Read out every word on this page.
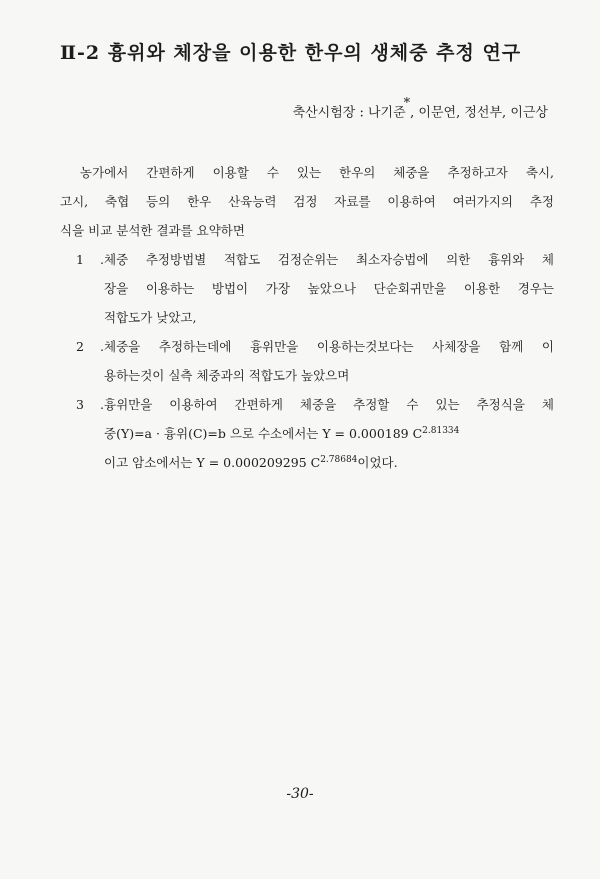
Ⅱ-2 흉위와 체장을 이용한 한우의 생체중 추정 연구
축산시험장 : 나기준*, 이문연, 정선부, 이근상
농가에서 간편하게 이용할 수 있는 한우의 체중을 추정하고자 축시,
고시, 축협 등의 한우 산육능력 검정 자료를 이용하여 여러가지의 추정
식을 비교 분석한 결과를 요약하면
1 .체중 추정방법별 적합도 검정순위는 최소자승법에 의한 흉위와 체
장을 이용하는 방법이 가장 높았으나 단순회귀만을 이용한 경우는
적합도가 낮았고,
2 .체중을 추정하는데에 흉위만을 이용하는것보다는 사체장을 함께 이
용하는것이 실측 체중과의 적합도가 높았으며
3 .흉위만을 이용하여 간편하게 체중을 추정할 수 있는 추정식을 체
중(Y)=a · 흉위(C)=b 으로 수소에서는 Y = 0.000189 $C^{2.81334}$
이고 암소에서는 Y = 0.000209295 $C^{2.78684}$이었다.
-30-
